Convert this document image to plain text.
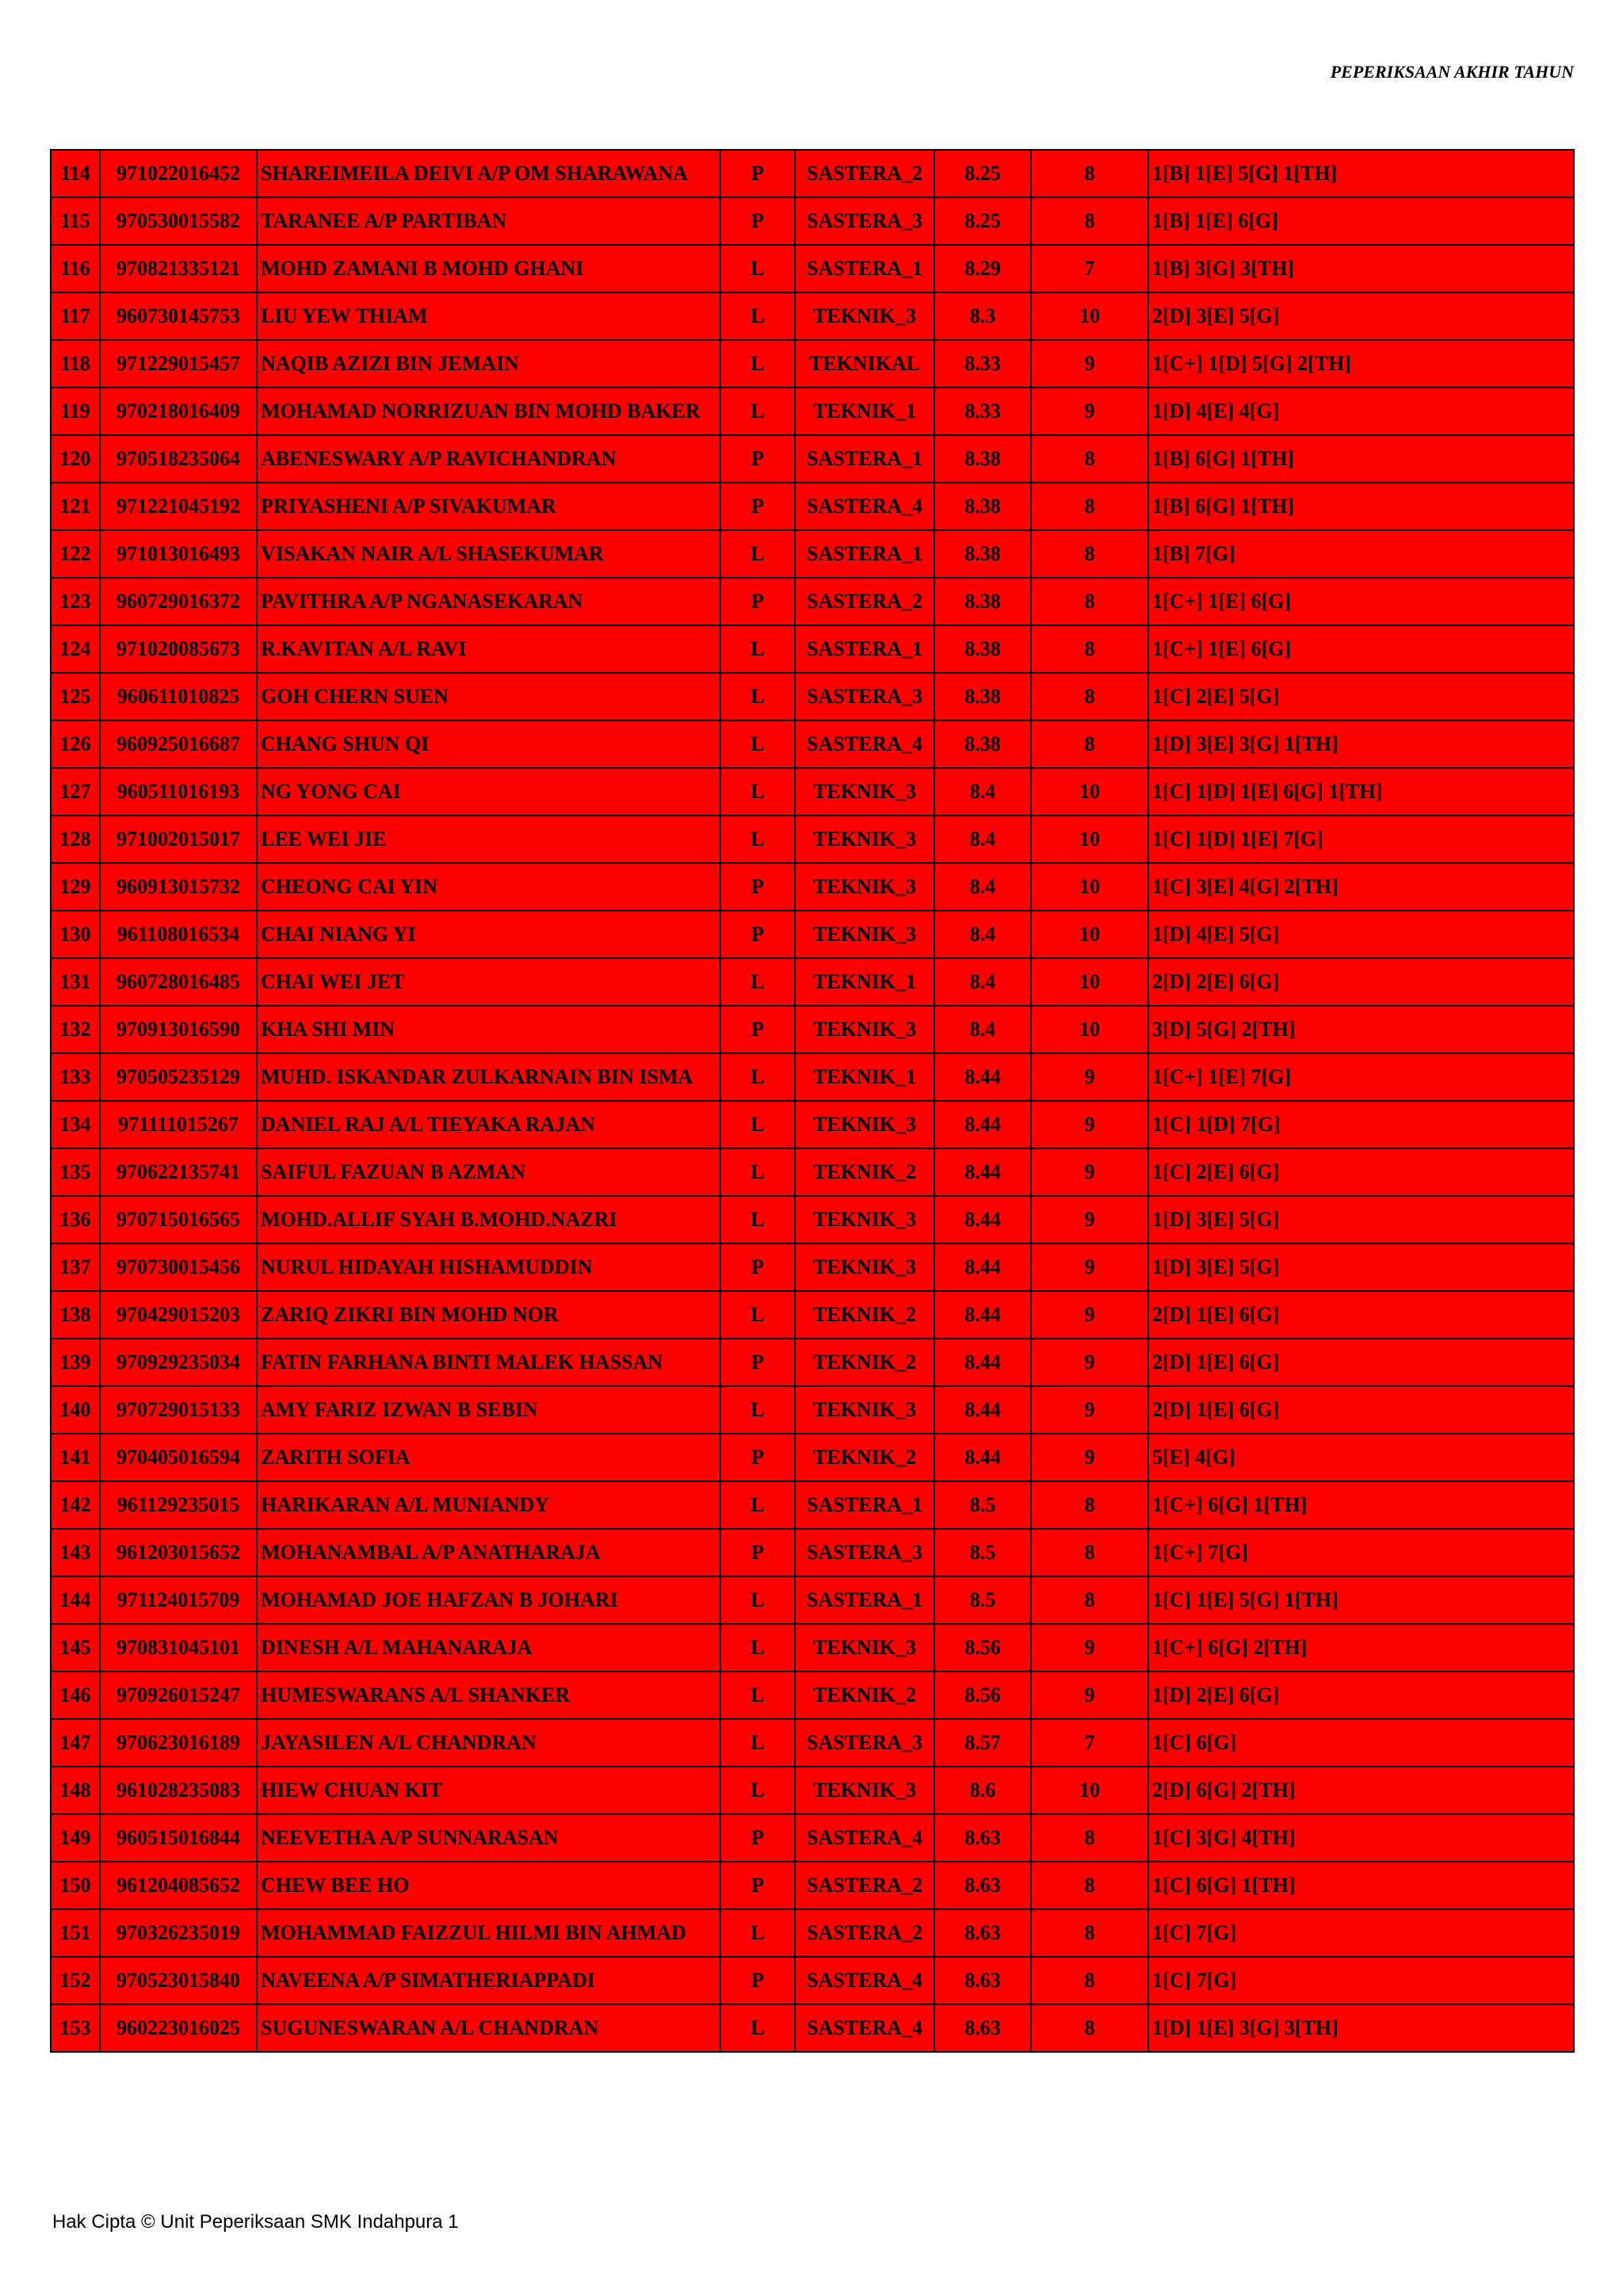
PEPERIKSAAN AKHIR TAHUN
114	971022016452	SHAREIMEILA DEIVI A/P OM SHARAWANA	P	SASTERA_2	8.25	8	1[B] 1[E] 5[G] 1[TH]
115	970530015582	TARANEE A/P PARTIBAN	P	SASTERA_3	8.25	8	1[B] 1[E] 6[G]
116	970821335121	MOHD ZAMANI B MOHD GHANI	L	SASTERA_1	8.29	7	1[B] 3[G] 3[TH]
117	960730145753	LIU YEW THIAM	L	TEKNIK_3	8.3	10	2[D] 3[E] 5[G]
118	971229015457	NAQIB AZIZI BIN JEMAIN	L	TEKNIKAL	8.33	9	1[C+] 1[D] 5[G] 2[TH]
119	970218016409	MOHAMAD NORRIZUAN BIN MOHD BAKER	L	TEKNIK_1	8.33	9	1[D] 4[E] 4[G]
120	970518235064	ABENESWARY A/P RAVICHANDRAN	P	SASTERA_1	8.38	8	1[B] 6[G] 1[TH]
121	971221045192	PRIYASHENI A/P SIVAKUMAR	P	SASTERA_4	8.38	8	1[B] 6[G] 1[TH]
122	971013016493	VISAKAN NAIR A/L SHASEKUMAR	L	SASTERA_1	8.38	8	1[B] 7[G]
123	960729016372	PAVITHRA A/P NGANASEKARAN	P	SASTERA_2	8.38	8	1[C+] 1[E] 6[G]
124	971020085673	R.KAVITAN A/L RAVI	L	SASTERA_1	8.38	8	1[C+] 1[E] 6[G]
125	960611010825	GOH CHERN SUEN	L	SASTERA_3	8.38	8	1[C] 2[E] 5[G]
126	960925016687	CHANG SHUN QI	L	SASTERA_4	8.38	8	1[D] 3[E] 3[G] 1[TH]
127	960511016193	NG YONG CAI	L	TEKNIK_3	8.4	10	1[C] 1[D] 1[E] 6[G] 1[TH]
128	971002015017	LEE WEI JIE	L	TEKNIK_3	8.4	10	1[C] 1[D] 1[E] 7[G]
129	960913015732	CHEONG CAI YIN	P	TEKNIK_3	8.4	10	1[C] 3[E] 4[G] 2[TH]
130	961108016534	CHAI NIANG YI	P	TEKNIK_3	8.4	10	1[D] 4[E] 5[G]
131	960728016485	CHAI WEI JET	L	TEKNIK_1	8.4	10	2[D] 2[E] 6[G]
132	970913016590	KHA SHI MIN	P	TEKNIK_3	8.4	10	3[D] 5[G] 2[TH]
133	970505235129	MUHD. ISKANDAR ZULKARNAIN BIN ISMA	L	TEKNIK_1	8.44	9	1[C+] 1[E] 7[G]
134	971111015267	DANIEL RAJ A/L TIEYAKA RAJAN	L	TEKNIK_3	8.44	9	1[C] 1[D] 7[G]
135	970622135741	SAIFUL FAZUAN B AZMAN	L	TEKNIK_2	8.44	9	1[C] 2[E] 6[G]
136	970715016565	MOHD.ALLIF SYAH B.MOHD.NAZRI	L	TEKNIK_3	8.44	9	1[D] 3[E] 5[G]
137	970730015456	NURUL HIDAYAH HISHAMUDDIN	P	TEKNIK_3	8.44	9	1[D] 3[E] 5[G]
138	970429015203	ZARIQ ZIKRI BIN MOHD NOR	L	TEKNIK_2	8.44	9	2[D] 1[E] 6[G]
139	970929235034	FATIN FARHANA BINTI MALEK HASSAN	P	TEKNIK_2	8.44	9	2[D] 1[E] 6[G]
140	970729015133	AMY FARIZ IZWAN B SEBIN	L	TEKNIK_3	8.44	9	2[D] 1[E] 6[G]
141	970405016594	ZARITH SOFIA	P	TEKNIK_2	8.44	9	5[E] 4[G]
142	961129235015	HARIKARAN A/L MUNIANDY	L	SASTERA_1	8.5	8	1[C+] 6[G] 1[TH]
143	961203015652	MOHANAMBAL A/P ANATHARAJA	P	SASTERA_3	8.5	8	1[C+] 7[G]
144	971124015709	MOHAMAD JOE HAFZAN B JOHARI	L	SASTERA_1	8.5	8	1[C] 1[E] 5[G] 1[TH]
145	970831045101	DINESH A/L MAHANARAJA	L	TEKNIK_3	8.56	9	1[C+] 6[G] 2[TH]
146	970926015247	HUMESWARANS A/L SHANKER	L	TEKNIK_2	8.56	9	1[D] 2[E] 6[G]
147	970623016189	JAYASILEN A/L CHANDRAN	L	SASTERA_3	8.57	7	1[C] 6[G]
148	961028235083	HIEW CHUAN KIT	L	TEKNIK_3	8.6	10	2[D] 6[G] 2[TH]
149	960515016844	NEEVETHA A/P SUNNARASAN	P	SASTERA_4	8.63	8	1[C] 3[G] 4[TH]
150	961204085652	CHEW BEE HO	P	SASTERA_2	8.63	8	1[C] 6[G] 1[TH]
151	970326235019	MOHAMMAD FAIZZUL HILMI BIN AHMAD	L	SASTERA_2	8.63	8	1[C] 7[G]
152	970523015840	NAVEENA A/P SIMATHERIAPPADI	P	SASTERA_4	8.63	8	1[C] 7[G]
153	960223016025	SUGUNESWARAN A/L CHANDRAN	L	SASTERA_4	8.63	8	1[D] 1[E] 3[G] 3[TH]
Hak Cipta © Unit Peperiksaan SMK Indahpura 1
